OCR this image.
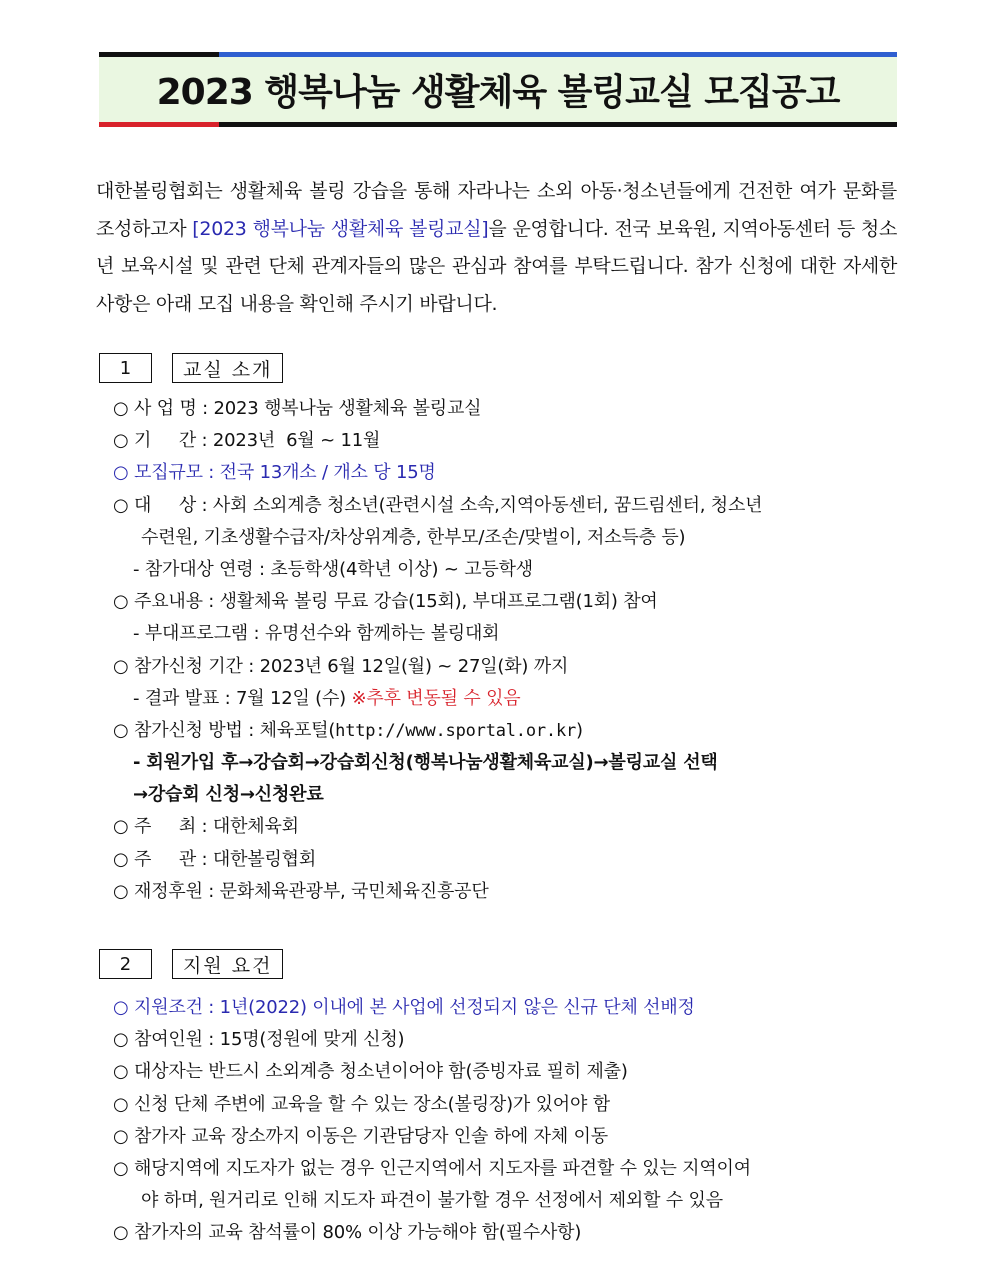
2023 행복나눔 생활체육 볼링교실 모집공고
대한볼링협회는 생활체육 볼링 강습을 통해 자라나는 소외 아동·청소년들에게 건전한 여가 문화를 조성하고자 [2023 행복나눔 생활체육 볼링교실]을 운영합니다. 전국 보육원, 지역아동센터 등 청소년 보육시설 및 관련 단체 관계자들의 많은 관심과 참여를 부탁드립니다. 참가 신청에 대한 자세한 사항은 아래 모집 내용을 확인해 주시기 바랍니다.
1	교실 소개
○ 사 업 명 : 2023 행복나눔 생활체육 볼링교실
○ 기     간 : 2023년  6월 ~ 11월
○ 모집규모 : 전국 13개소 / 개소 당 15명
○ 대     상 : 사회 소외계층 청소년(관련시설 소속,지역아동센터, 꿈드림센터, 청소년
수련원, 기초생활수급자/차상위계층, 한부모/조손/맞벌이, 저소득층 등)
- 참가대상 연령 : 초등학생(4학년 이상) ~ 고등학생
○ 주요내용 : 생활체육 볼링 무료 강습(15회), 부대프로그램(1회) 참여
- 부대프로그램 : 유명선수와 함께하는 볼링대회
○ 참가신청 기간 : 2023년 6월 12일(월) ~ 27일(화) 까지
- 결과 발표 : 7월 12일 (수) ※추후 변동될 수 있음
○ 참가신청 방법 : 체육포털(http://www.sportal.or.kr)
- 회원가입 후→강습회→강습회신청(행복나눔생활체육교실)→볼링교실 선택
→강습회 신청→신청완료
○ 주     최 : 대한체육회
○ 주     관 : 대한볼링협회
○ 재정후원 : 문화체육관광부, 국민체육진흥공단
2	지원 요건
○ 지원조건 : 1년(2022) 이내에 본 사업에 선정되지 않은 신규 단체 선배정
○ 참여인원 : 15명(정원에 맞게 신청)
○ 대상자는 반드시 소외계층 청소년이어야 함(증빙자료 필히 제출)
○ 신청 단체 주변에 교육을 할 수 있는 장소(볼링장)가 있어야 함
○ 참가자 교육 장소까지 이동은 기관담당자 인솔 하에 자체 이동
○ 해당지역에 지도자가 없는 경우 인근지역에서 지도자를 파견할 수 있는 지역이여
야 하며, 원거리로 인해 지도자 파견이 불가할 경우 선정에서 제외할 수 있음
○ 참가자의 교육 참석률이 80% 이상 가능해야 함(필수사항)
